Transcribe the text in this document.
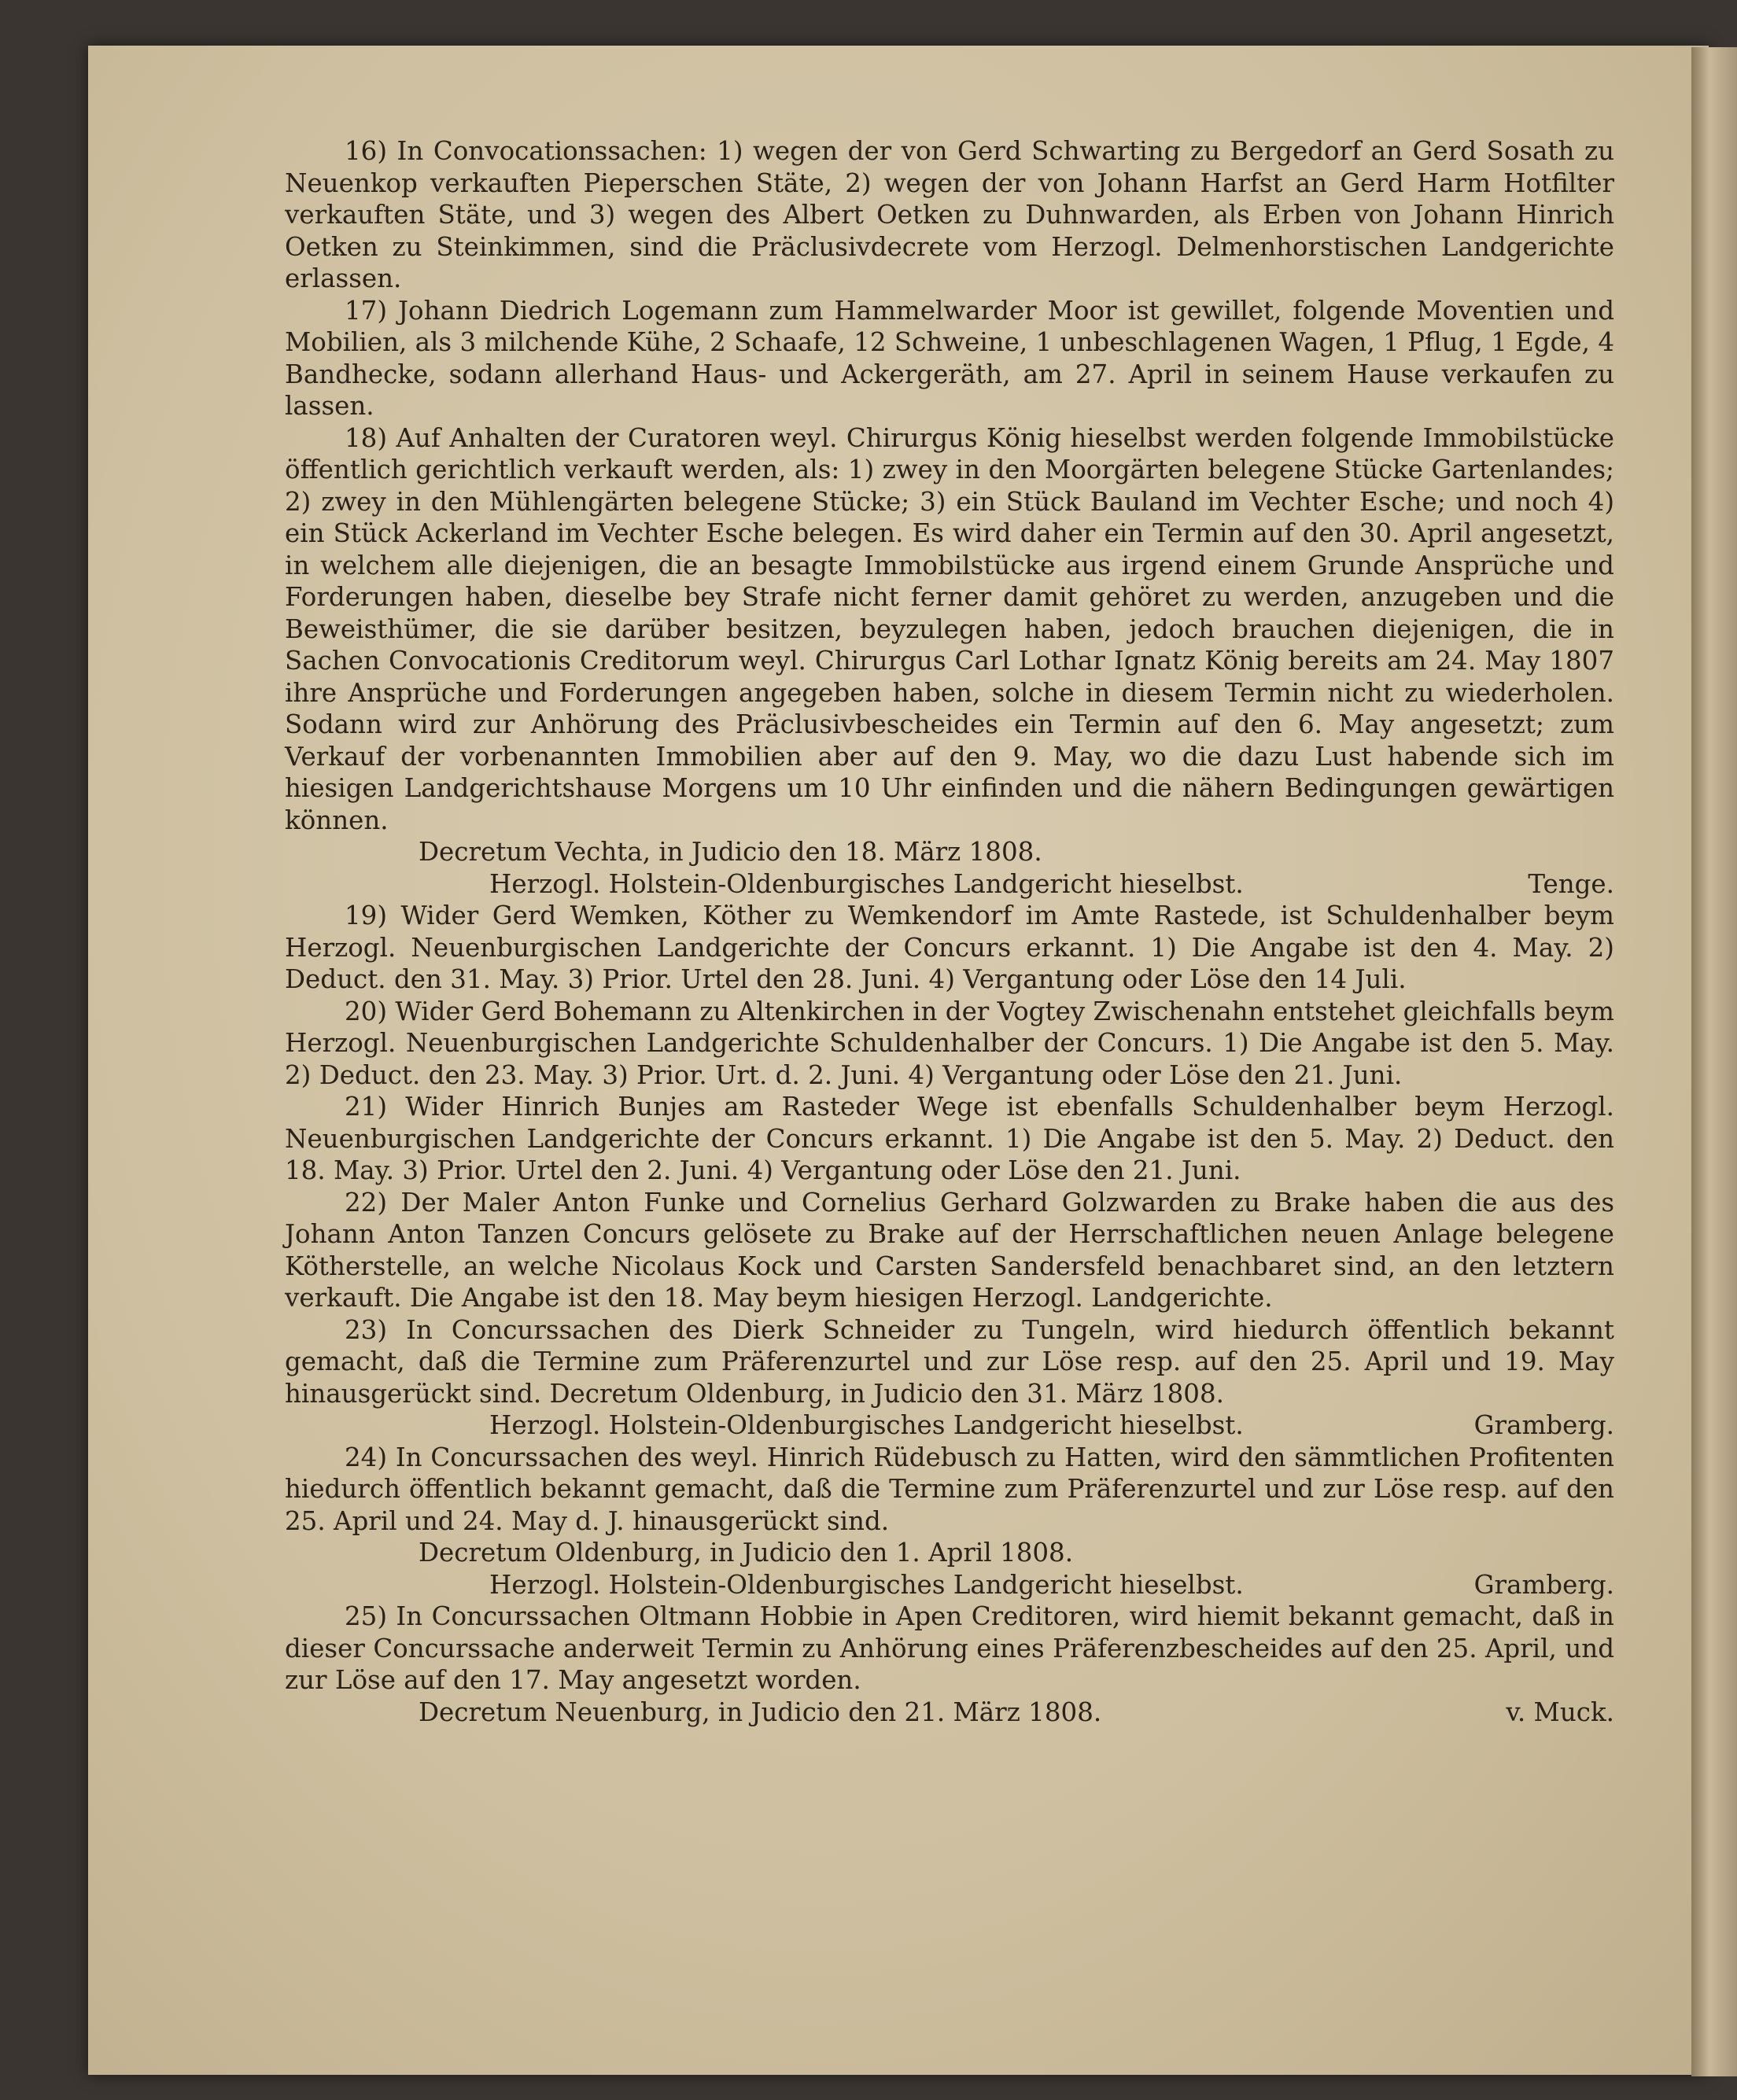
16) In Convocationssachen: 1) wegen der von Gerd Schwarting zu Bergedorf an Gerd Sosath zu Neuenkop verkauften Pieperschen Stäte, 2) wegen der von Johann Harfst an Gerd Harm Hotfilter verkauften Stäte, und 3) wegen des Albert Oetken zu Duhnwarden, als Erben von Johann Hinrich Oetken zu Steinkimmen, sind die Präclusivdecrete vom Herzogl. Delmenhorstischen Landgerichte erlassen.

17) Johann Diedrich Logemann zum Hammelwarder Moor ist gewillet, folgende Moventien und Mobilien, als 3 milchende Kühe, 2 Schaafe, 12 Schweine, 1 unbeschlagenen Wagen, 1 Pflug, 1 Egde, 4 Bandhecke, sodann allerhand Haus- und Ackergeräth, am 27. April in seinem Hause verkaufen zu lassen.

18) Auf Anhalten der Curatoren weyl. Chirurgus König hieselbst werden folgende Immobilstücke öffentlich gerichtlich verkauft werden, als: 1) zwey in den Moorgärten belegene Stücke Gartenlandes; 2) zwey in den Mühlengärten belegene Stücke; 3) ein Stück Bauland im Vechter Esche; und noch 4) ein Stück Ackerland im Vechter Esche belegen. Es wird daher ein Termin auf den 30. April angesetzt, in welchem alle diejenigen, die an besagte Immobilstücke aus irgend einem Grunde Ansprüche und Forderungen haben, dieselbe bey Strafe nicht ferner damit gehöret zu werden, anzugeben und die Beweisthümer, die sie darüber besitzen, beyzulegen haben, jedoch brauchen diejenigen, die in Sachen Convocationis Creditorum weyl. Chirurgus Carl Lothar Ignatz König bereits am 24. May 1807 ihre Ansprüche und Forderungen angegeben haben, solche in diesem Termin nicht zu wiederholen. Sodann wird zur Anhörung des Präclusivbescheides ein Termin auf den 6. May angesetzt; zum Verkauf der vorbenannten Immobilien aber auf den 9. May, wo die dazu Lust habende sich im hiesigen Landgerichtshause Morgens um 10 Uhr einfinden und die nähern Bedingungen gewärtigen können.

Decretum Vechta, in Judicio den 18. März 1808.

Herzogl. Holstein-Oldenburgisches Landgericht hieselbst.	Tenge.

19) Wider Gerd Wemken, Köther zu Wemkendorf im Amte Rastede, ist Schuldenhalber beym Herzogl. Neuenburgischen Landgerichte der Concurs erkannt. 1) Die Angabe ist den 4. May. 2) Deduct. den 31. May. 3) Prior. Urtel den 28. Juni. 4) Vergantung oder Löse den 14 Juli.

20) Wider Gerd Bohemann zu Altenkirchen in der Vogtey Zwischenahn entstehet gleichfalls beym Herzogl. Neuenburgischen Landgerichte Schuldenhalber der Concurs. 1) Die Angabe ist den 5. May. 2) Deduct. den 23. May. 3) Prior. Urt. d. 2. Juni. 4) Vergantung oder Löse den 21. Juni.

21) Wider Hinrich Bunjes am Rasteder Wege ist ebenfalls Schuldenhalber beym Herzogl. Neuenburgischen Landgerichte der Concurs erkannt. 1) Die Angabe ist den 5. May. 2) Deduct. den 18. May. 3) Prior. Urtel den 2. Juni. 4) Vergantung oder Löse den 21. Juni.

22) Der Maler Anton Funke und Cornelius Gerhard Golzwarden zu Brake haben die aus des Johann Anton Tanzen Concurs gelösete zu Brake auf der Herrschaftlichen neuen Anlage belegene Kötherstelle, an welche Nicolaus Kock und Carsten Sandersfeld benachbaret sind, an den letztern verkauft. Die Angabe ist den 18. May beym hiesigen Herzogl. Landgerichte.

23) In Concurssachen des Dierk Schneider zu Tungeln, wird hiedurch öffentlich bekannt gemacht, daß die Termine zum Präferenzurtel und zur Löse resp. auf den 25. April und 19. May hinausgerückt sind. Decretum Oldenburg, in Judicio den 31. März 1808.

Herzogl. Holstein-Oldenburgisches Landgericht hieselbst.	Gramberg.

24) In Concurssachen des weyl. Hinrich Rüdebusch zu Hatten, wird den sämmtlichen Profitenten hiedurch öffentlich bekannt gemacht, daß die Termine zum Präferenzurtel und zur Löse resp. auf den 25. April und 24. May d. J. hinausgerückt sind.

Decretum Oldenburg, in Judicio den 1. April 1808.

Herzogl. Holstein-Oldenburgisches Landgericht hieselbst.	Gramberg.

25) In Concurssachen Oltmann Hobbie in Apen Creditoren, wird hiemit bekannt gemacht, daß in dieser Concurssache anderweit Termin zu Anhörung eines Präferenzbescheides auf den 25. April, und zur Löse auf den 17. May angesetzt worden.

Decretum Neuenburg, in Judicio den 21. März 1808.	v. Muck.
